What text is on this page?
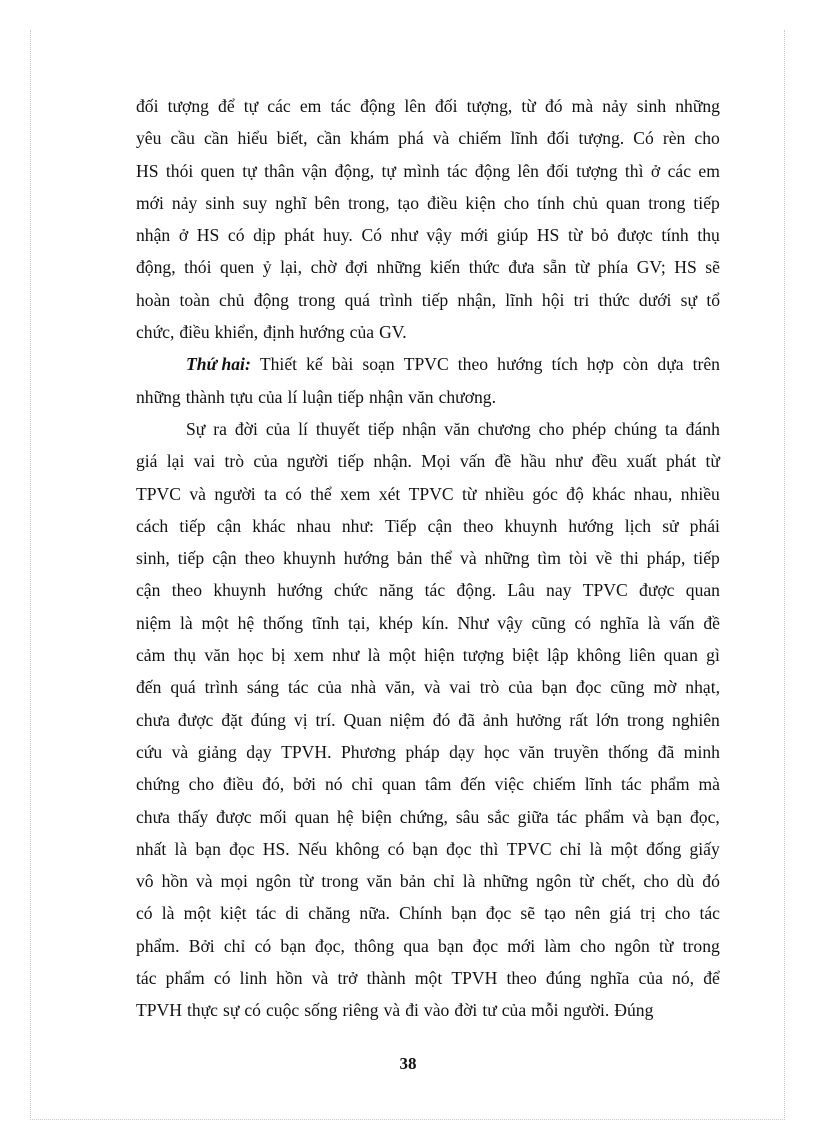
đối tượng để tự các em tác động lên đối tượng, từ đó mà nảy sinh những
yêu cầu cần hiểu biết, cần khám phá và chiếm lĩnh đối tượng. Có rèn cho
HS thói quen tự thân vận động, tự mình tác động lên đối tượng thì ở các em
mới nảy sinh suy nghĩ bên trong, tạo điều kiện cho tính chủ quan trong tiếp
nhận ở HS có dịp phát huy. Có như vậy mới giúp HS từ bỏ được tính thụ
động, thói quen ỷ lại, chờ đợi những kiến thức đưa sẵn từ phía GV; HS sẽ
hoàn toàn chủ động trong quá trình tiếp nhận, lĩnh hội tri thức dưới sự tổ
chức, điều khiển, định hướng của GV.
Thứ hai: Thiết kế bài soạn TPVC theo hướng tích hợp còn dựa trên
những thành tựu của lí luận tiếp nhận văn chương.
Sự ra đời của lí thuyết tiếp nhận văn chương cho phép chúng ta đánh
giá lại vai trò của người tiếp nhận. Mọi vấn đề hầu như đều xuất phát từ
TPVC và người ta có thể xem xét TPVC từ nhiều góc độ khác nhau, nhiều
cách tiếp cận khác nhau như: Tiếp cận theo khuynh hướng lịch sử phái
sinh, tiếp cận theo khuynh hướng bản thể và những tìm tòi về thi pháp, tiếp
cận theo khuynh hướng chức năng tác động. Lâu nay TPVC được quan
niệm là một hệ thống tĩnh tại, khép kín. Như vậy cũng có nghĩa là vấn đề
cảm thụ văn học bị xem như là một hiện tượng biệt lập không liên quan gì
đến quá trình sáng tác của nhà văn, và vai trò của bạn đọc cũng mờ nhạt,
chưa được đặt đúng vị trí. Quan niệm đó đã ảnh hưởng rất lớn trong nghiên
cứu và giảng dạy TPVH. Phương pháp dạy học văn truyền thống đã minh
chứng cho điều đó, bởi nó chỉ quan tâm đến việc chiếm lĩnh tác phẩm mà
chưa thấy được mối quan hệ biện chứng, sâu sắc giữa tác phẩm và bạn đọc,
nhất là bạn đọc HS. Nếu không có bạn đọc thì TPVC chỉ là một đống giấy
vô hồn và mọi ngôn từ trong văn bản chỉ là những ngôn từ chết, cho dù đó
có là một kiệt tác di chăng nữa. Chính bạn đọc sẽ tạo nên giá trị cho tác
phẩm. Bởi chỉ có bạn đọc, thông qua bạn đọc mới làm cho ngôn từ trong
tác phẩm có linh hồn và trở thành một TPVH theo đúng nghĩa của nó, để
TPVH thực sự có cuộc sống riêng và đi vào đời tư của mỗi người. Đúng
38
